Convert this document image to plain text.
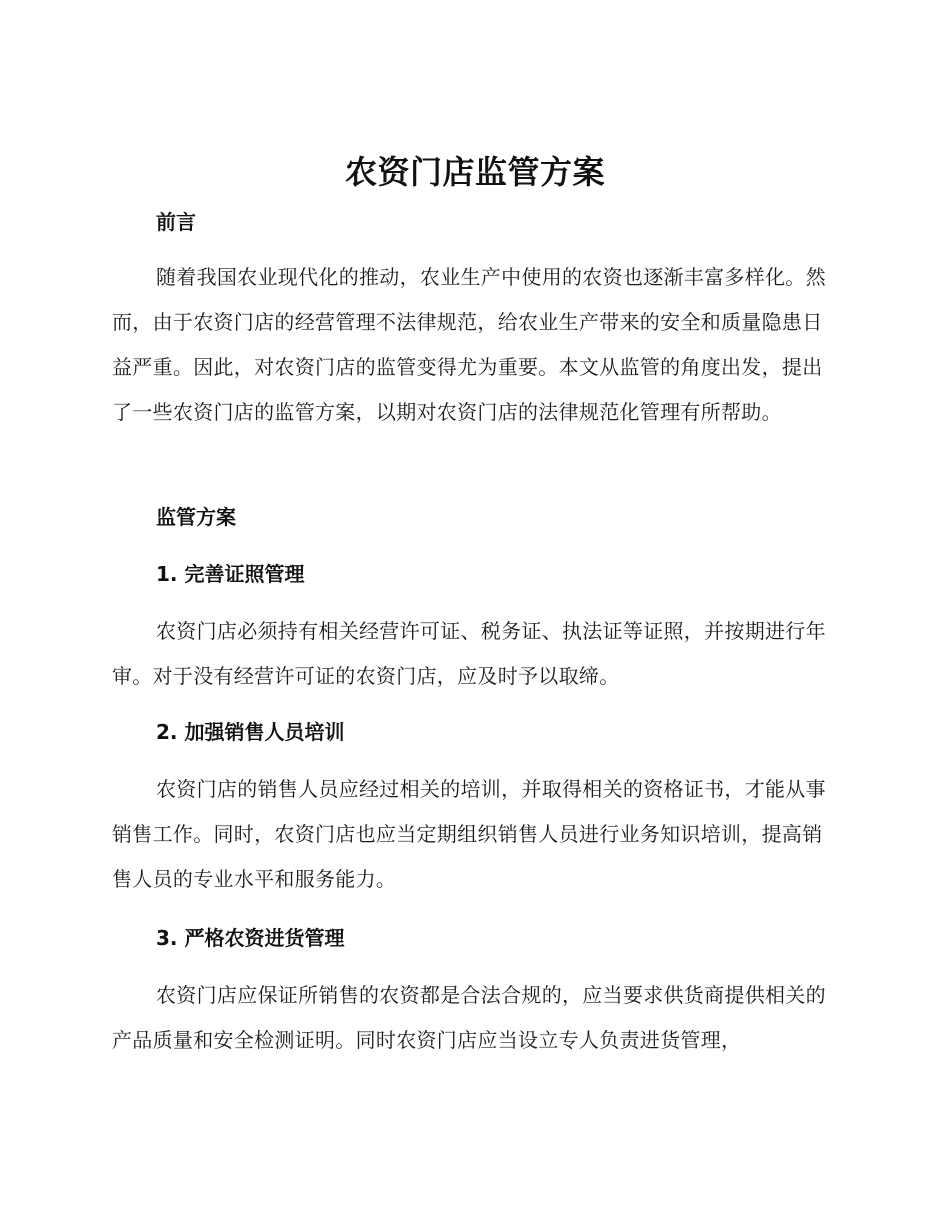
农资门店监管方案
前言

随着我国农业现代化的推动，农业生产中使用的农资也逐渐丰富多样化。然而，由于农资门店的经营管理不法律规范，给农业生产带来的安全和质量隐患日益严重。因此，对农资门店的监管变得尤为重要。本文从监管的角度出发，提出了一些农资门店的监管方案，以期对农资门店的法律规范化管理有所帮助。

监管方案
1. 完善证照管理

农资门店必须持有相关经营许可证、税务证、执法证等证照，并按期进行年审。对于没有经营许可证的农资门店，应及时予以取缔。

2. 加强销售人员培训

农资门店的销售人员应经过相关的培训，并取得相关的资格证书，才能从事销售工作。同时，农资门店也应当定期组织销售人员进行业务知识培训，提高销售人员的专业水平和服务能力。

3. 严格农资进货管理

农资门店应保证所销售的农资都是合法合规的，应当要求供货商提供相关的产品质量和安全检测证明。同时农资门店应当设立专人负责进货管理，
